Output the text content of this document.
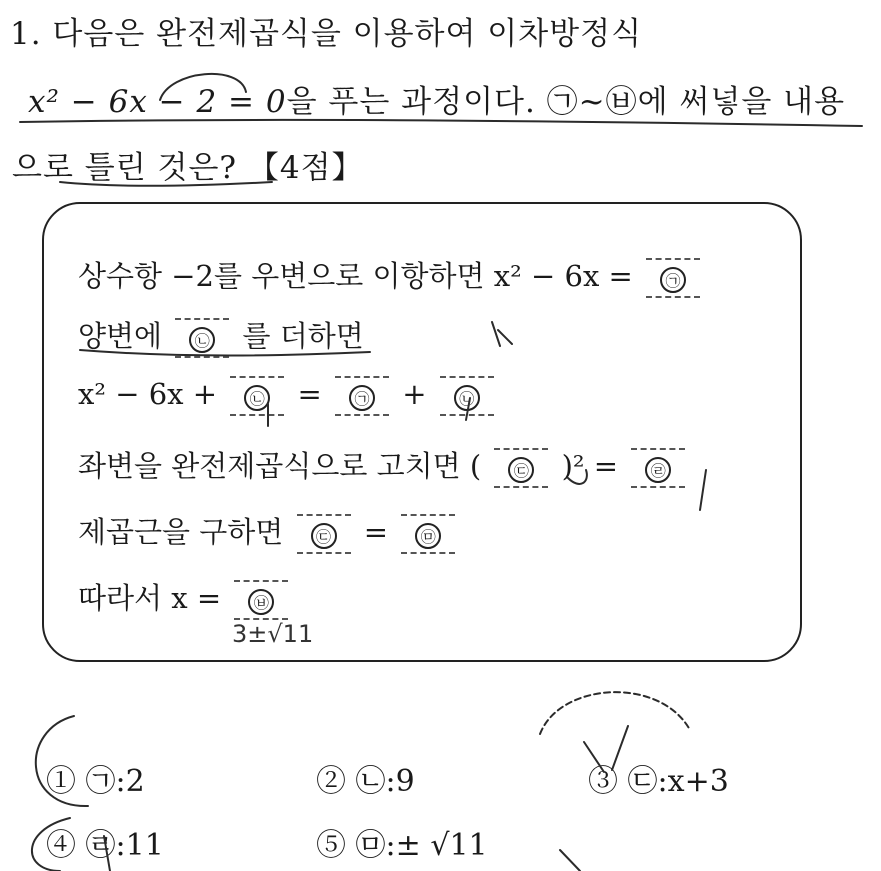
1. 다음은 완전제곱식을 이용하여 이차방정식
x² − 6x − 2 = 0을 푸는 과정이다. ㉠~㉥에 써넣을 내용
으로 틀린 것은? 【4점】
상수항 −2를 우변으로 이항하면 x² − 6x = ㉠
양변에 ㉡ 를 더하면
x² − 6x + ㉡ = ㉠ + ㉡
좌변을 완전제곱식으로 고치면 ( ㉢ )² = ㉣
제곱근을 구하면 ㉢ = ㉤
따라서 x = ㉥
3±√11
① ㉠:2	② ㉡:9	③ ㉢:x+3
④ ㉣:11	⑤ ㉤:± √11
